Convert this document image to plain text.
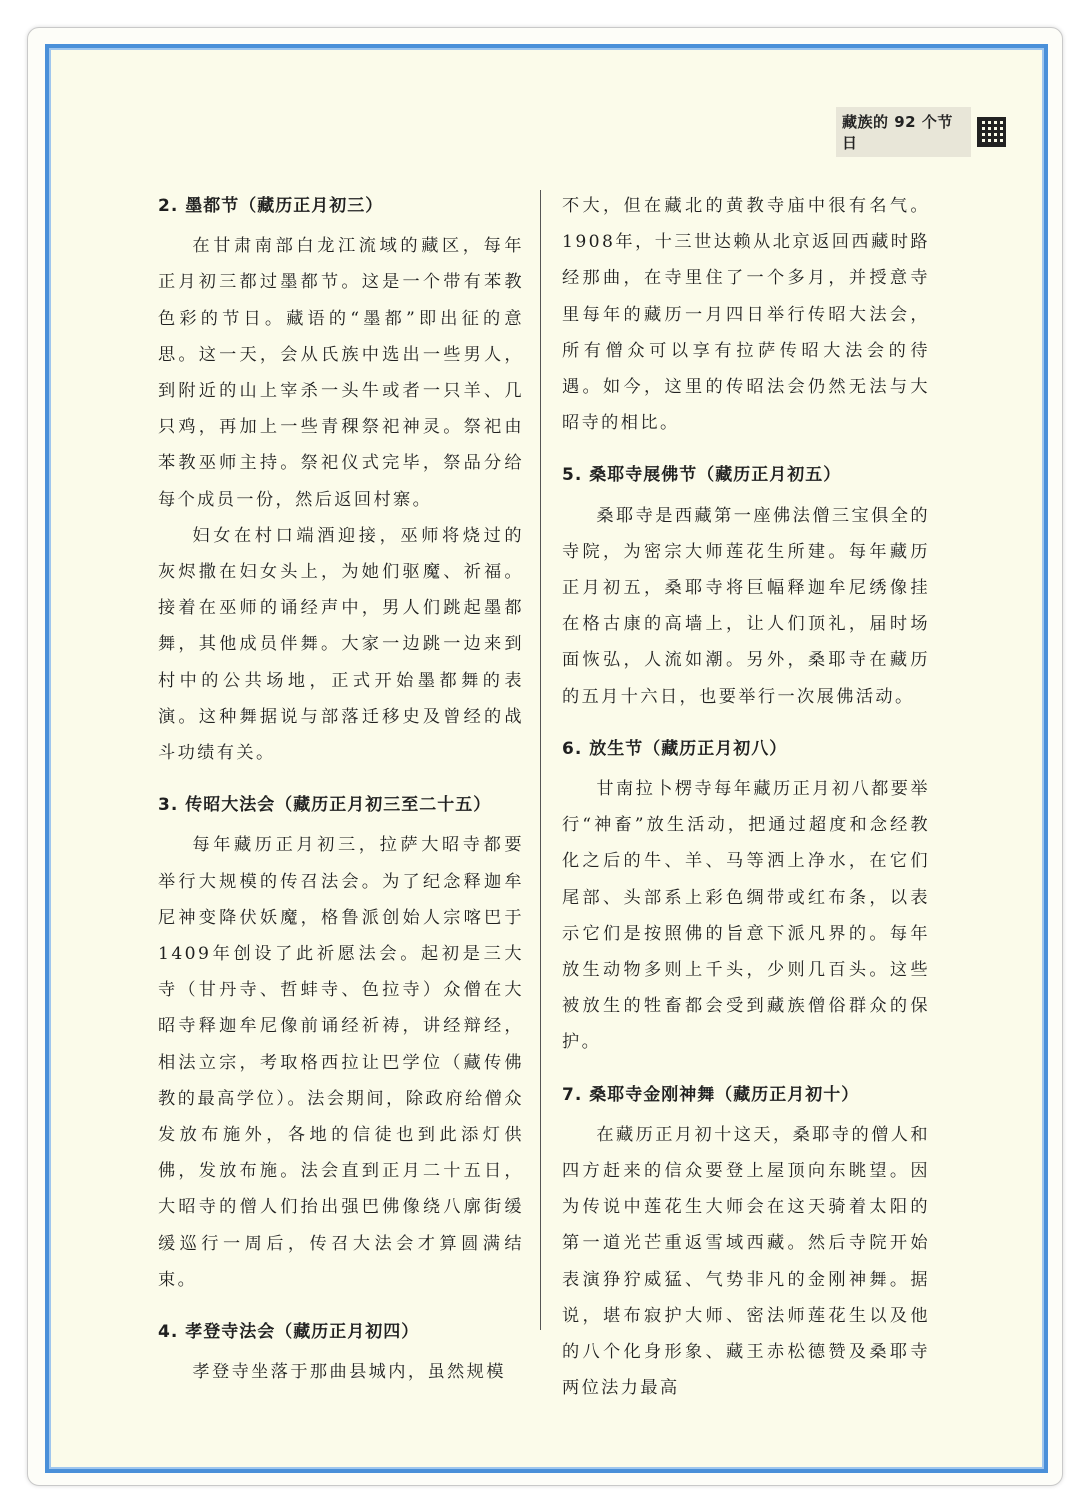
藏族的 92 个节日
2. 墨都节（藏历正月初三）

在甘肃南部白龙江流域的藏区，每年正月初三都过墨都节。这是一个带有苯教色彩的节日。藏语的“墨都”即出征的意思。这一天，会从氏族中选出一些男人，到附近的山上宰杀一头牛或者一只羊、几只鸡，再加上一些青稞祭祀神灵。祭祀由苯教巫师主持。祭祀仪式完毕，祭品分给每个成员一份，然后返回村寨。

妇女在村口端酒迎接，巫师将烧过的灰烬撒在妇女头上，为她们驱魔、祈福。接着在巫师的诵经声中，男人们跳起墨都舞，其他成员伴舞。大家一边跳一边来到村中的公共场地，正式开始墨都舞的表演。这种舞据说与部落迁移史及曾经的战斗功绩有关。

3. 传昭大法会（藏历正月初三至二十五）

每年藏历正月初三，拉萨大昭寺都要举行大规模的传召法会。为了纪念释迦牟尼神变降伏妖魔，格鲁派创始人宗喀巴于1409年创设了此祈愿法会。起初是三大寺（甘丹寺、哲蚌寺、色拉寺）众僧在大昭寺释迦牟尼像前诵经祈祷，讲经辩经，相法立宗，考取格西拉让巴学位（藏传佛教的最高学位）。法会期间，除政府给僧众发放布施外，各地的信徒也到此添灯供佛，发放布施。法会直到正月二十五日，大昭寺的僧人们抬出强巴佛像绕八廓街缓缓巡行一周后，传召大法会才算圆满结束。

4. 孝登寺法会（藏历正月初四）

孝登寺坐落于那曲县城内，虽然规模

不大，但在藏北的黄教寺庙中很有名气。1908年，十三世达赖从北京返回西藏时路经那曲，在寺里住了一个多月，并授意寺里每年的藏历一月四日举行传昭大法会，所有僧众可以享有拉萨传昭大法会的待遇。如今，这里的传昭法会仍然无法与大昭寺的相比。

5. 桑耶寺展佛节（藏历正月初五）

桑耶寺是西藏第一座佛法僧三宝俱全的寺院，为密宗大师莲花生所建。每年藏历正月初五，桑耶寺将巨幅释迦牟尼绣像挂在格古康的高墙上，让人们顶礼，届时场面恢弘，人流如潮。另外，桑耶寺在藏历的五月十六日，也要举行一次展佛活动。

6. 放生节（藏历正月初八）

甘南拉卜楞寺每年藏历正月初八都要举行“神畜”放生活动，把通过超度和念经教化之后的牛、羊、马等洒上净水，在它们尾部、头部系上彩色绸带或红布条，以表示它们是按照佛的旨意下派凡界的。每年放生动物多则上千头，少则几百头。这些被放生的牲畜都会受到藏族僧俗群众的保护。

7. 桑耶寺金刚神舞（藏历正月初十）

在藏历正月初十这天，桑耶寺的僧人和四方赶来的信众要登上屋顶向东眺望。因为传说中莲花生大师会在这天骑着太阳的第一道光芒重返雪域西藏。然后寺院开始表演狰狞威猛、气势非凡的金刚神舞。据说，堪布寂护大师、密法师莲花生以及他的八个化身形象、藏王赤松德赞及桑耶寺两位法力最高
